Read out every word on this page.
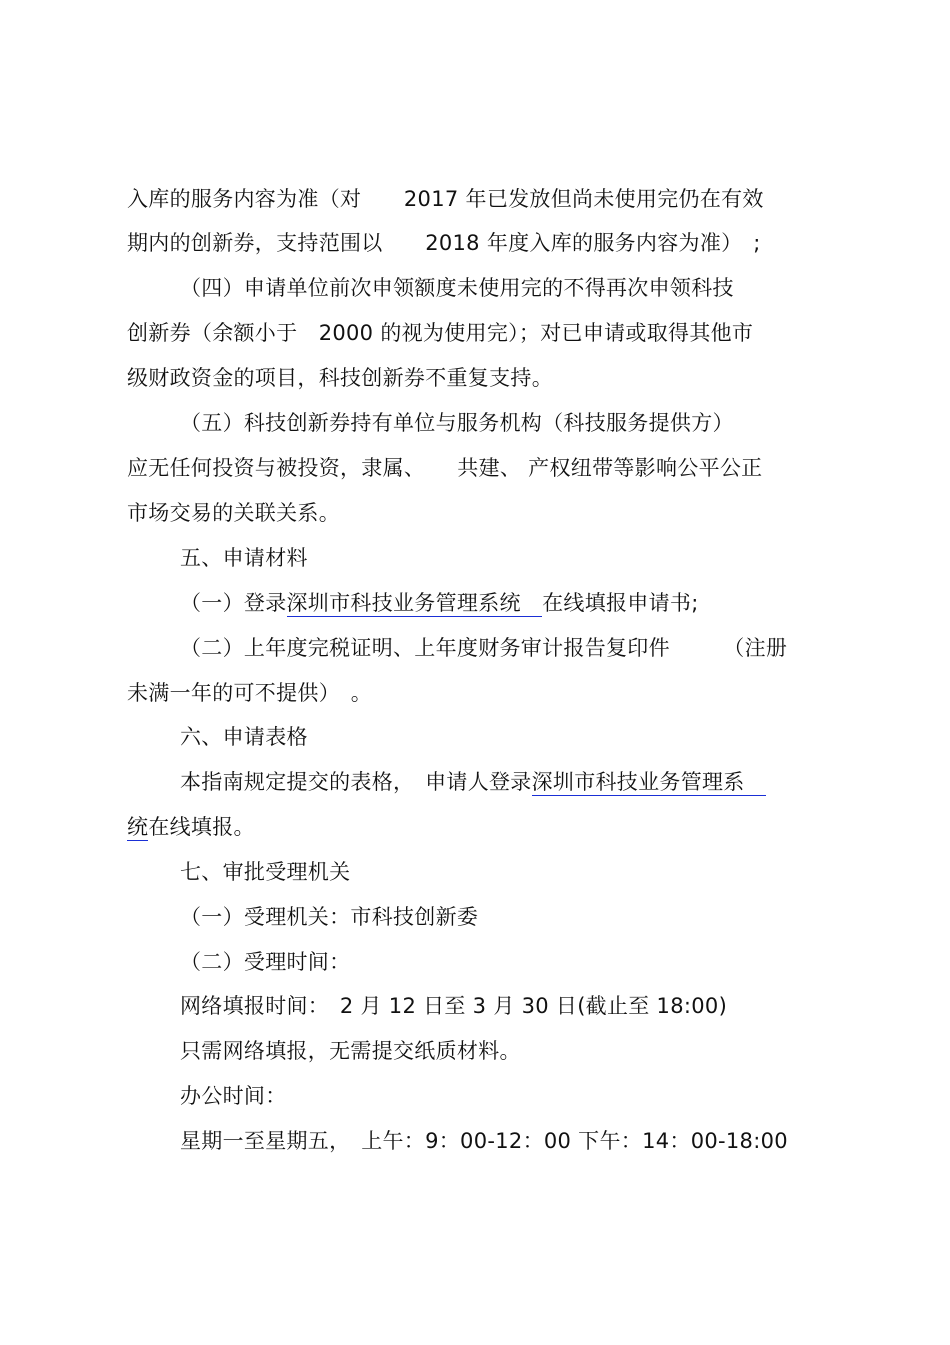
入库的服务内容为准（对　　2017 年已发放但尚未使用完仍在有效
期内的创新券，支持范围以　　2018 年度入库的服务内容为准）　;
（四）申请单位前次申领额度未使用完的不得再次申领科技
创新券（余额小于　2000 的视为使用完）；对已申请或取得其他市
级财政资金的项目，科技创新券不重复支持。
（五）科技创新券持有单位与服务机构（科技服务提供方）
应无任何投资与被投资，隶属、　　共建、 产权纽带等影响公平公正
市场交易的关联关系。
五、申请材料
（一）登录深圳市科技业务管理系统　在线填报申请书;
（二）上年度完税证明、上年度财务审计报告复印件　　　（注册
未满一年的可不提供）　。
六、申请表格
本指南规定提交的表格，　申请人登录深圳市科技业务管理系　
统在线填报。
七、审批受理机关
（一）受理机关：市科技创新委
（二）受理时间：
网络填报时间：　2 月 12 日至 3 月 30 日(截止至 18:00)
只需网络填报，无需提交纸质材料。
办公时间：
星期一至星期五，　上午：9：00-12：00 下午：14：00-18:00
